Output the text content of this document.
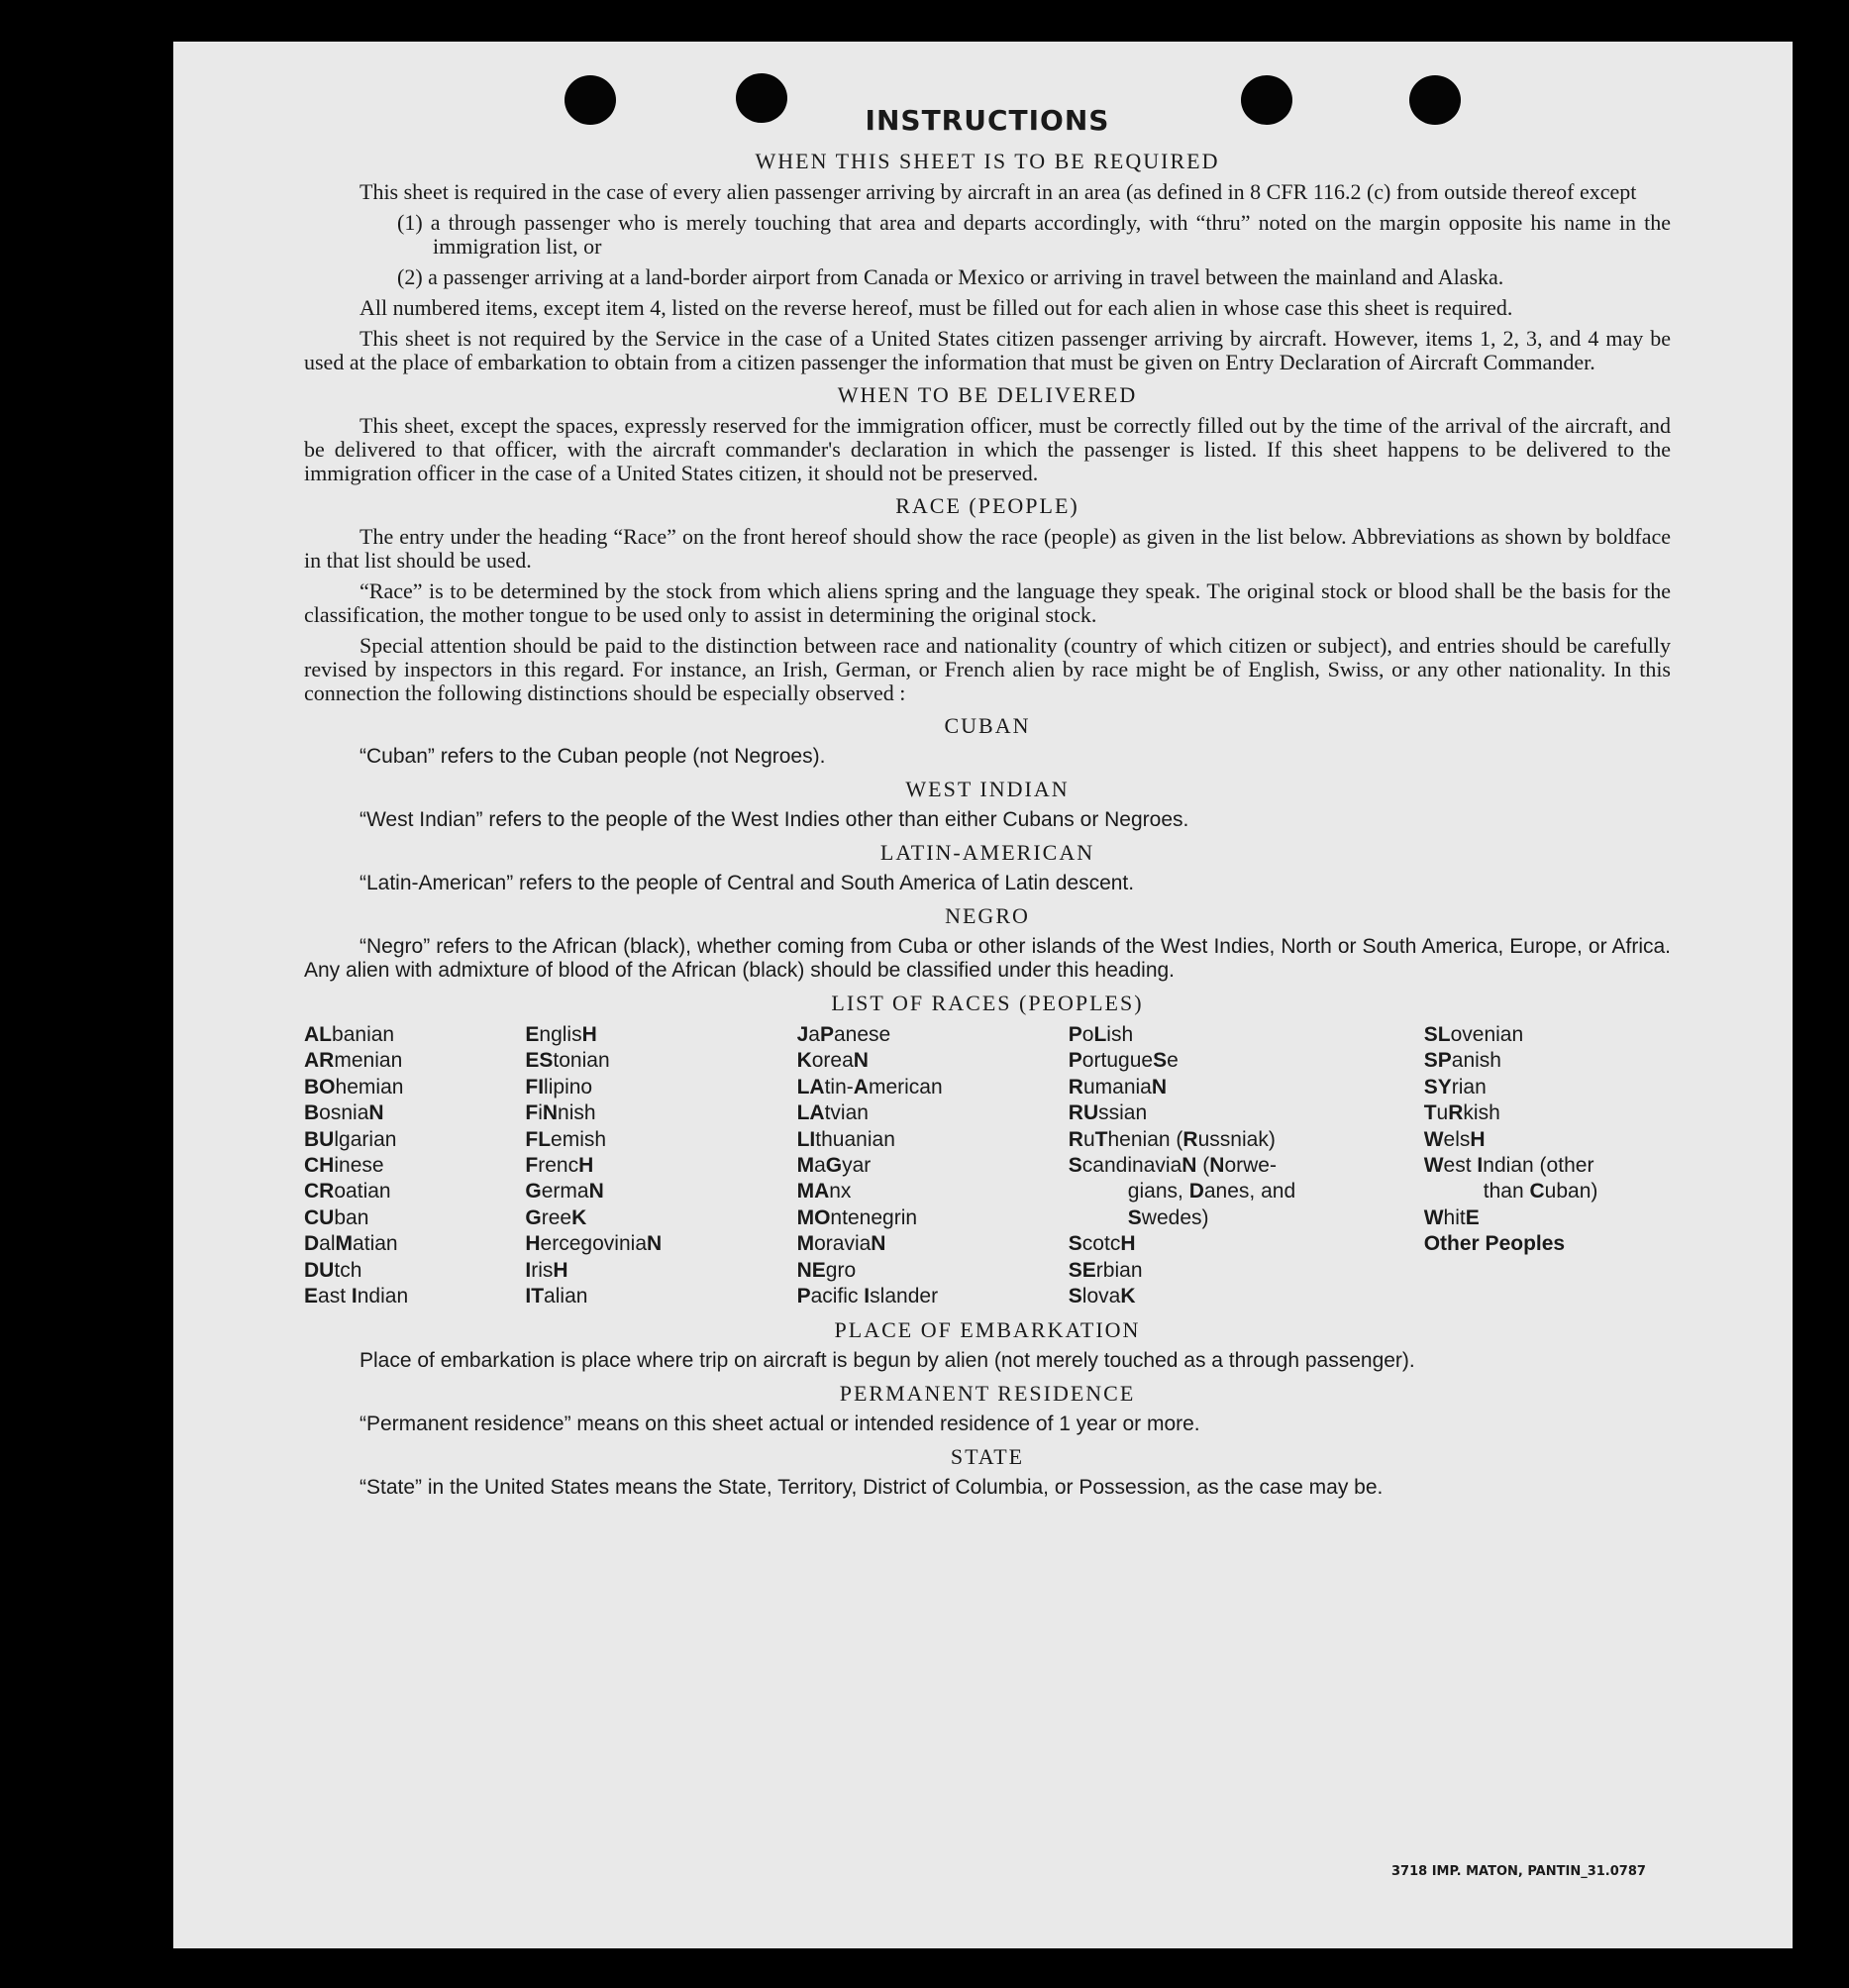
INSTRUCTIONS
WHEN THIS SHEET IS TO BE REQUIRED

This sheet is required in the case of every alien passenger arriving by aircraft in an area (as defined in 8 CFR 116.2 (c) from outside thereof except

(1) a through passenger who is merely touching that area and departs accordingly, with “thru” noted on the margin opposite his name in the immigration list, or

(2) a passenger arriving at a land-border airport from Canada or Mexico or arriving in travel between the mainland and Alaska.

All numbered items, except item 4, listed on the reverse hereof, must be filled out for each alien in whose case this sheet is required.

This sheet is not required by the Service in the case of a United States citizen passenger arriving by aircraft. However, items 1, 2, 3, and 4 may be used at the place of embarkation to obtain from a citizen passenger the information that must be given on Entry Declaration of Aircraft Commander.

WHEN TO BE DELIVERED

This sheet, except the spaces, expressly reserved for the immigration officer, must be correctly filled out by the time of the arrival of the aircraft, and be delivered to that officer, with the aircraft commander's declaration in which the passenger is listed. If this sheet happens to be delivered to the immigration officer in the case of a United States citizen, it should not be preserved.

RACE (PEOPLE)

The entry under the heading “Race” on the front hereof should show the race (people) as given in the list below. Abbreviations as shown by boldface in that list should be used.

“Race” is to be determined by the stock from which aliens spring and the language they speak. The original stock or blood shall be the basis for the classification, the mother tongue to be used only to assist in determining the original stock.

Special attention should be paid to the distinction between race and nationality (country of which citizen or subject), and entries should be carefully revised by inspectors in this regard. For instance, an Irish, German, or French alien by race might be of English, Swiss, or any other nationality. In this connection the following distinctions should be especially observed :

CUBAN

“Cuban” refers to the Cuban people (not Negroes).

WEST INDIAN

“West Indian” refers to the people of the West Indies other than either Cubans or Negroes.

LATIN-AMERICAN

“Latin-American” refers to the people of Central and South America of Latin descent.

NEGRO

“Negro” refers to the African (black), whether coming from Cuba or other islands of the West Indies, North or South America, Europe, or Africa. Any alien with admixture of blood of the African (black) should be classified under this heading.

LIST OF RACES (PEOPLES)
ALbanian
ARmenian
BOhemian
BosniaN
BUlgarian
CHinese
CRoatian
CUban
DalMatian
DUtch
East Indian
EnglisH
EStonian
FIlipino
FiNnish
FLemish
FrencH
GermaN
GreeK
HercegoviniaN
IrisH
ITalian
JaPanese
KoreaN
LAtin-American
LAtvian
LIthuanian
MaGyar
MAnx
MOntenegrin
MoraviaN
NEgro
Pacific Islander
PoLish
PortugueSe
RumaniaN
RUssian
RuThenian (Russniak)
ScandinaviaN (Norwe-
gians, Danes, and
Swedes)
ScotcH
SErbian
SlovaK
SLovenian
SPanish
SYrian
TuRkish
WelsH
West Indian (other
than Cuban)
WhitE
Other Peoples
PLACE OF EMBARKATION

Place of embarkation is place where trip on aircraft is begun by alien (not merely touched as a through passenger).

PERMANENT RESIDENCE

“Permanent residence” means on this sheet actual or intended residence of 1 year or more.

STATE

“State” in the United States means the State, Territory, District of Columbia, or Possession, as the case may be.

3718 IMP. MATON, PANTIN_31.0787
